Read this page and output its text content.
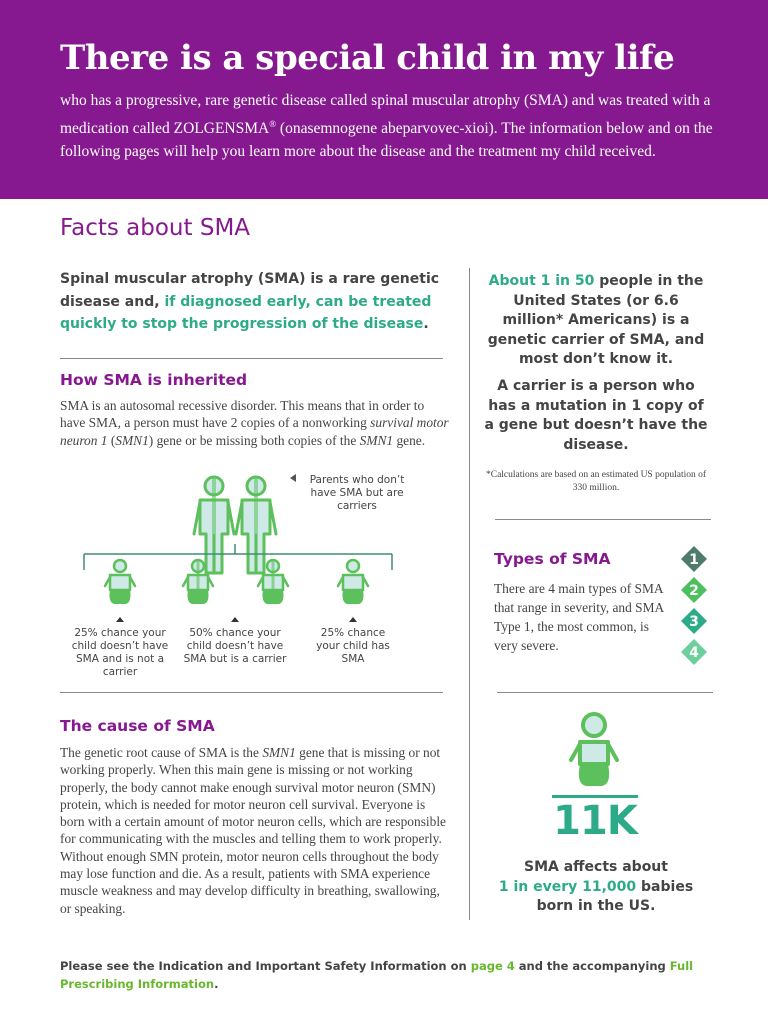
There is a special child in my life

who has a progressive, rare genetic disease called spinal muscular atrophy (SMA) and was treated with a medication called ZOLGENSMA® (onasemnogene abeparvovec-xioi). The information below and on the following pages will help you learn more about the disease and the treatment my child received.

Facts about SMA
Spinal muscular atrophy (SMA) is a rare genetic disease and, if diagnosed early, can be treated quickly to stop the progression of the disease.
How SMA is inherited
SMA is an autosomal recessive disorder. This means that in order to have SMA, a person must have 2 copies of a nonworking survival motor neuron 1 (SMN1) gene or be missing both copies of the SMN1 gene.
Parents who don’t have SMA but are carriers
25% chance your child doesn’t have SMA and is not a carrier
50% chance your child doesn’t have SMA but is a carrier
25% chance your child has SMA
The cause of SMA
The genetic root cause of SMA is the SMN1 gene that is missing or not working properly. When this main gene is missing or not working properly, the body cannot make enough survival motor neuron (SMN) protein, which is needed for motor neuron cell survival. Everyone is born with a certain amount of motor neuron cells, which are responsible for communicating with the muscles and telling them to work properly. Without enough SMN protein, motor neuron cells throughout the body may lose function and die. As a result, patients with SMA experience muscle weakness and may develop difficulty in breathing, swallowing, or speaking.
About 1 in 50 people in the United States (or 6.6 million* Americans) is a genetic carrier of SMA, and most don’t know it.
A carrier is a person who has a mutation in 1 copy of a gene but doesn’t have the disease.
*Calculations are based on an estimated US population of 330 million.
Types of SMA
There are 4 main types of SMA that range in severity, and SMA Type 1, the most common, is very severe.
1
2
3
4
11K
SMA affects about
1 in every 11,000 babies
born in the US.
Please see the Indication and Important Safety Information on page 4 and the accompanying Full Prescribing Information.
